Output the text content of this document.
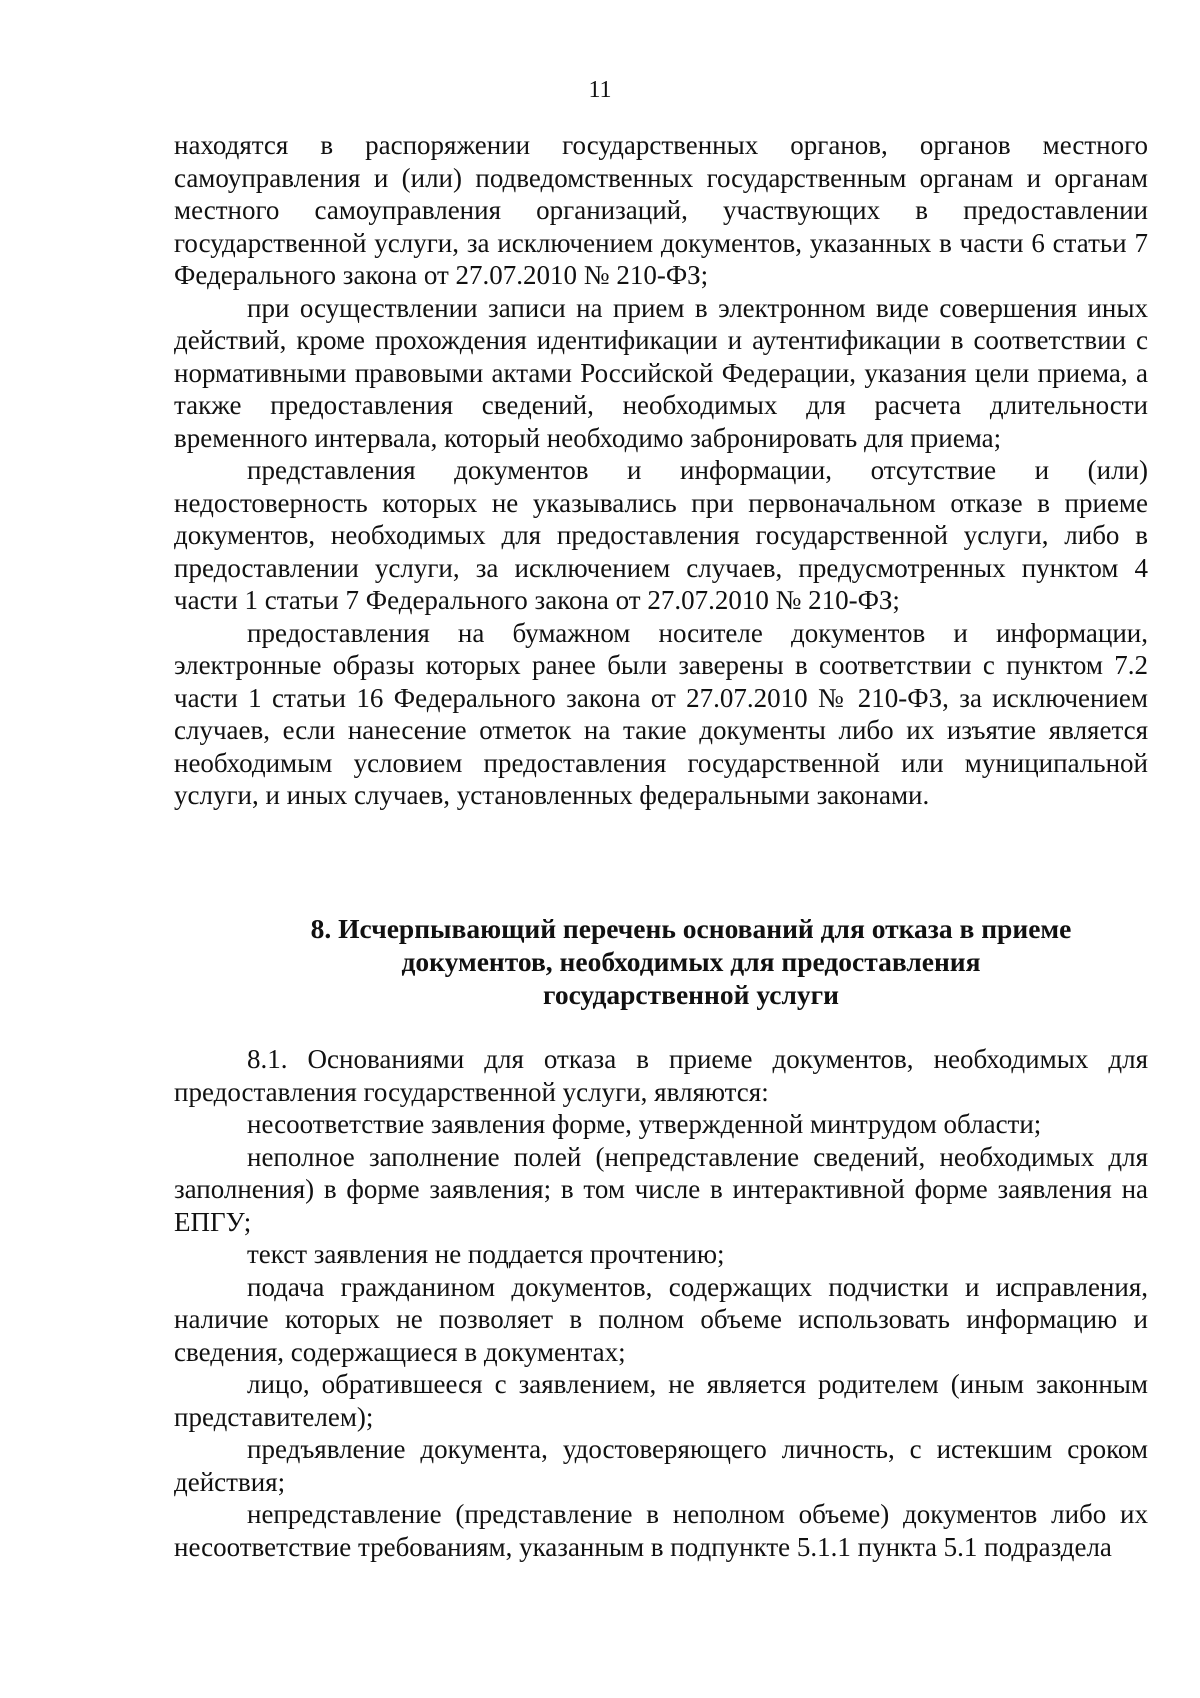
11

находятся в распоряжении государственных органов, органов местного самоуправления и (или) подведомственных государственным органам и органам местного самоуправления организаций, участвующих в предоставлении государственной услуги, за исключением документов, указанных в части 6 статьи 7 Федерального закона от 27.07.2010 № 210-ФЗ;

при осуществлении записи на прием в электронном виде совершения иных действий, кроме прохождения идентификации и аутентификации в соответствии с нормативными правовыми актами Российской Федерации, указания цели приема, а также предоставления сведений, необходимых для расчета длительности временного интервала, который необходимо забронировать для приема;

представления документов и информации, отсутствие и (или) недостоверность которых не указывались при первоначальном отказе в приеме документов, необходимых для предоставления государственной услуги, либо в предоставлении услуги, за исключением случаев, предусмотренных пунктом 4 части 1 статьи 7 Федерального закона от 27.07.2010 № 210-ФЗ;

предоставления на бумажном носителе документов и информации, электронные образы которых ранее были заверены в соответствии с пунктом 7.2 части 1 статьи 16 Федерального закона от 27.07.2010 № 210-ФЗ, за исключением случаев, если нанесение отметок на такие документы либо их изъятие является необходимым условием предоставления государственной или муниципальной услуги, и иных случаев, установленных федеральными законами.

8. Исчерпывающий перечень оснований для отказа в приеме
документов, необходимых для предоставления
государственной услуги

8.1. Основаниями для отказа в приеме документов, необходимых для предоставления государственной услуги, являются:

несоответствие заявления форме, утвержденной минтрудом области;

неполное заполнение полей (непредставление сведений, необходимых для заполнения) в форме заявления; в том числе в интерактивной форме заявления на ЕПГУ;

текст заявления не поддается прочтению;

подача гражданином документов, содержащих подчистки и исправления, наличие которых не позволяет в полном объеме использовать информацию и сведения, содержащиеся в документах;

лицо, обратившееся с заявлением, не является родителем (иным законным представителем);

предъявление документа, удостоверяющего личность, с истекшим сроком действия;

непредставление (представление в неполном объеме) документов либо их несоответствие требованиям, указанным в подпункте 5.1.1 пункта 5.1 подраздела
